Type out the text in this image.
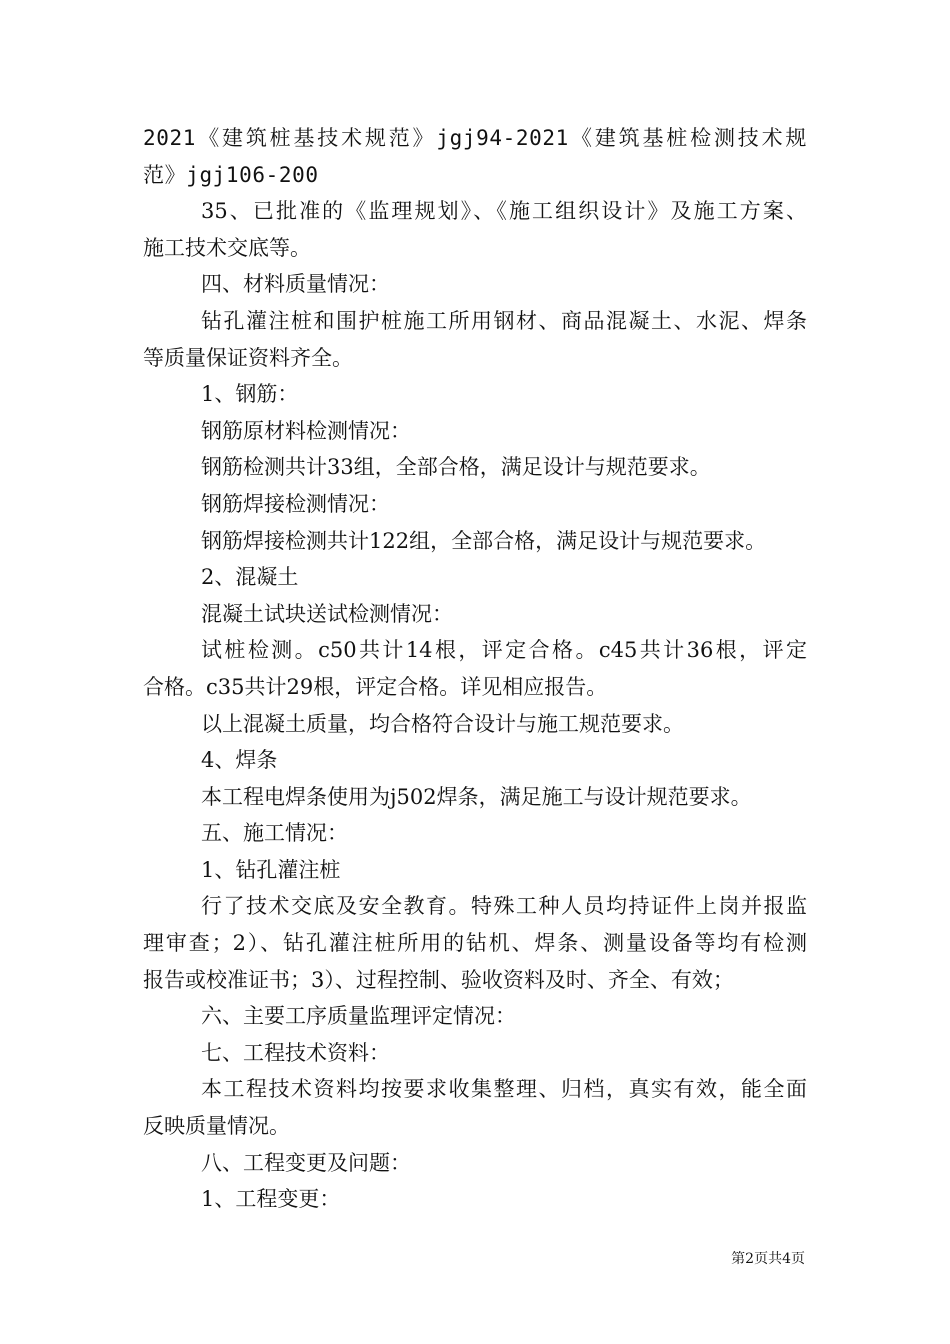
2021《建筑桩基技术规范》jgj94-2021《建筑基桩检测技术规
范》jgj106-200
35、已批准的《监理规划》、《施工组织设计》及施工方案、
施工技术交底等。
四、材料质量情况：
钻孔灌注桩和围护桩施工所用钢材、商品混凝土、水泥、焊条
等质量保证资料齐全。
1、钢筋：
钢筋原材料检测情况：
钢筋检测共计33组，全部合格，满足设计与规范要求。
钢筋焊接检测情况：
钢筋焊接检测共计122组，全部合格，满足设计与规范要求。
2、混凝土
混凝土试块送试检测情况：
试桩检测。c50共计14根，评定合格。c45共计36根，评定
合格。c35共计29根，评定合格。详见相应报告。
以上混凝土质量，均合格符合设计与施工规范要求。
4、焊条
本工程电焊条使用为j502焊条，满足施工与设计规范要求。
五、施工情况：
1、钻孔灌注桩
行了技术交底及安全教育。特殊工种人员均持证件上岗并报监
理审查；2）、钻孔灌注桩所用的钻机、焊条、测量设备等均有检测
报告或校准证书；3）、过程控制、验收资料及时、齐全、有效；
六、主要工序质量监理评定情况：
七、工程技术资料：
本工程技术资料均按要求收集整理、归档，真实有效，能全面
反映质量情况。
八、工程变更及问题：
1、工程变更：
第2页共4页
